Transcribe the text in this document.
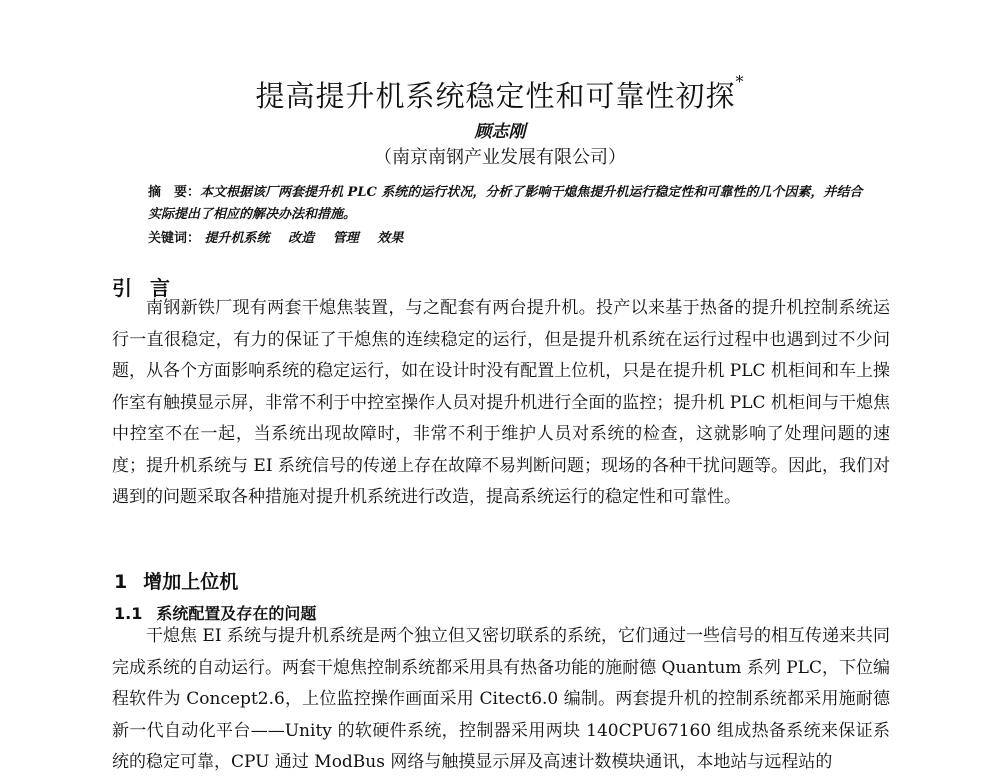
提高提升机系统稳定性和可靠性初探*
顾志刚
（南京南钢产业发展有限公司）
摘　要：本文根据该厂两套提升机 PLC 系统的运行状况，分析了影响干熄焦提升机运行稳定性和可靠性的几个因素，并结合实际提出了相应的解决办法和措施。
关键词： 提升机系统 改造 管理 效果
引言

南钢新铁厂现有两套干熄焦装置，与之配套有两台提升机。投产以来基于热备的提升机控制系统运行一直很稳定，有力的保证了干熄焦的连续稳定的运行，但是提升机系统在运行过程中也遇到过不少问题，从各个方面影响系统的稳定运行，如在设计时没有配置上位机，只是在提升机 PLC 机柜间和车上操作室有触摸显示屏，非常不利于中控室操作人员对提升机进行全面的监控；提升机 PLC 机柜间与干熄焦中控室不在一起，当系统出现故障时，非常不利于维护人员对系统的检查，这就影响了处理问题的速度；提升机系统与 EI 系统信号的传递上存在故障不易判断问题；现场的各种干扰问题等。因此，我们对遇到的问题采取各种措施对提升机系统进行改造，提高系统运行的稳定性和可靠性。

1 增加上位机
1.1 系统配置及存在的问题

干熄焦 EI 系统与提升机系统是两个独立但又密切联系的系统，它们通过一些信号的相互传递来共同完成系统的自动运行。两套干熄焦控制系统都采用具有热备功能的施耐德 Quantum 系列 PLC，下位编程软件为 Concept2.6，上位监控操作画面采用 Citect6.0 编制。两套提升机的控制系统都采用施耐德新一代自动化平台——Unity 的软硬件系统，控制器采用两块 140CPU67160 组成热备系统来保证系统的稳定可靠，CPU 通过 ModBus 网络与触摸显示屏及高速计数模块通讯，本地站与远程站的
